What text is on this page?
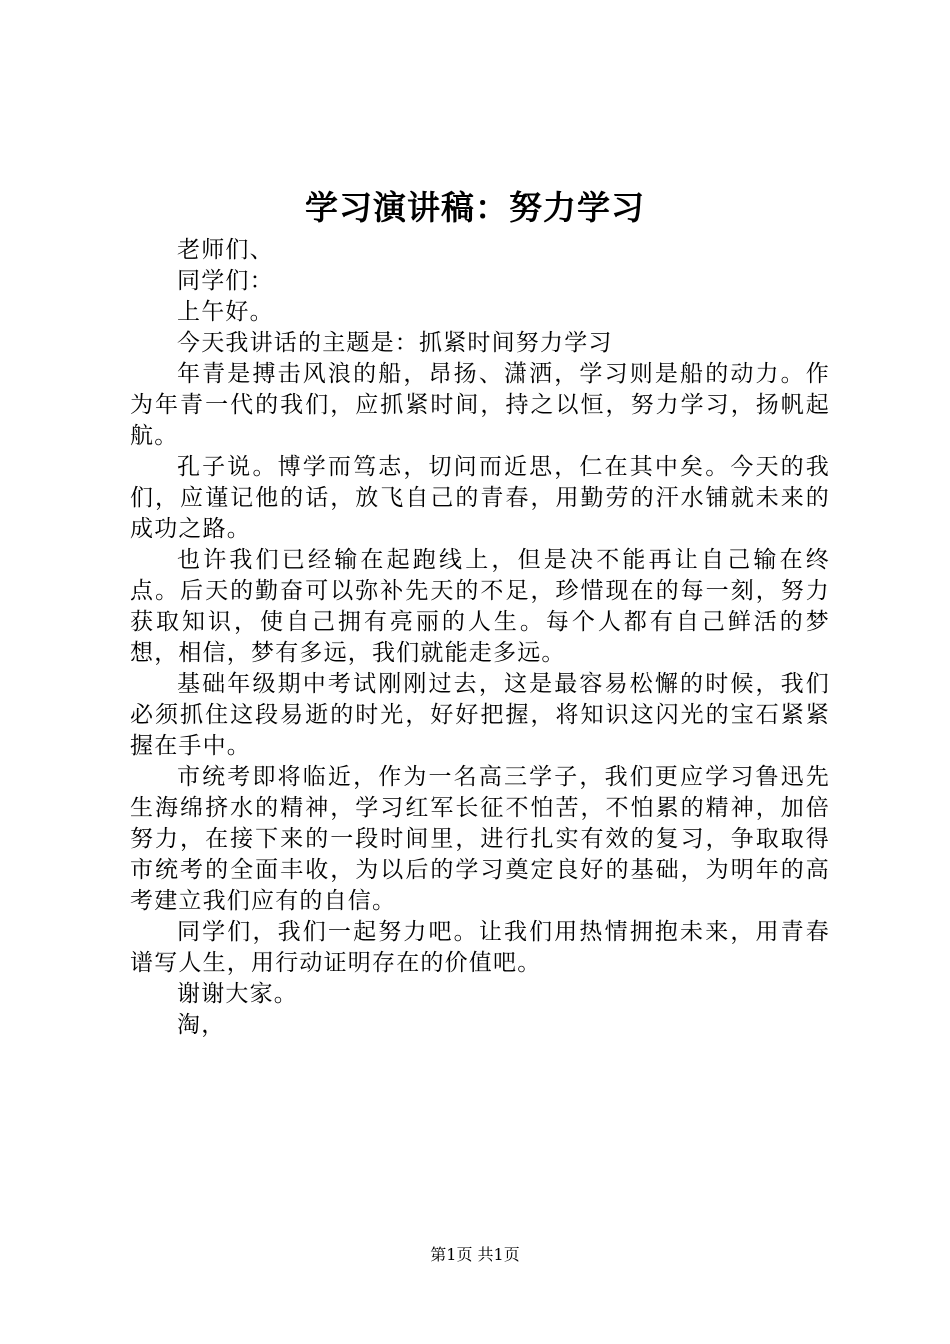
学习演讲稿：努力学习

老师们、

同学们：

上午好。

今天我讲话的主题是：抓紧时间努力学习

年青是搏击风浪的船，昂扬、潇洒，学习则是船的动力。作为年青一代的我们，应抓紧时间，持之以恒，努力学习，扬帆起航。

孔子说。博学而笃志，切问而近思，仁在其中矣。今天的我们，应谨记他的话，放飞自己的青春，用勤劳的汗水铺就未来的成功之路。

也许我们已经输在起跑线上，但是决不能再让自己输在终点。后天的勤奋可以弥补先天的不足，珍惜现在的每一刻，努力获取知识，使自己拥有亮丽的人生。每个人都有自己鲜活的梦想，相信，梦有多远，我们就能走多远。

基础年级期中考试刚刚过去，这是最容易松懈的时候，我们必须抓住这段易逝的时光，好好把握，将知识这闪光的宝石紧紧握在手中。

市统考即将临近，作为一名高三学子，我们更应学习鲁迅先生海绵挤水的精神，学习红军长征不怕苦，不怕累的精神，加倍努力，在接下来的一段时间里，进行扎实有效的复习，争取取得市统考的全面丰收，为以后的学习奠定良好的基础，为明年的高考建立我们应有的自信。

同学们，我们一起努力吧。让我们用热情拥抱未来，用青春谱写人生，用行动证明存在的价值吧。

谢谢大家。

淘，

第1页 共1页
